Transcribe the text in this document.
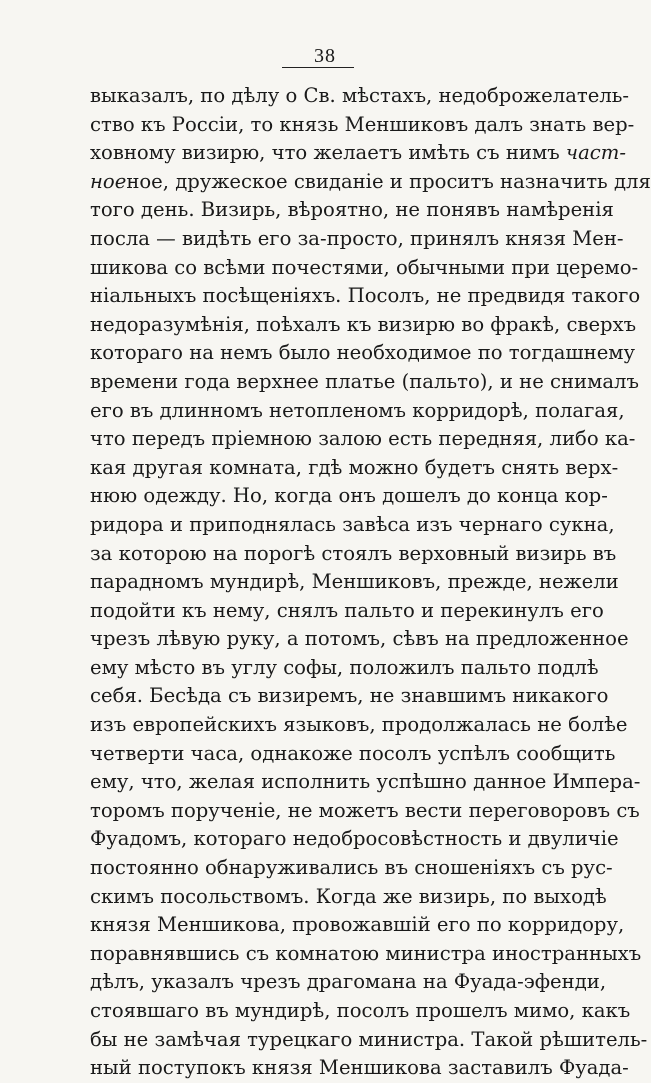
38
выказалъ, по дѣлу о Св. мѣстахъ, недоброжелатель-
ство къ Россіи, то князь Меншиковъ далъ знать вер-
ховному визирю, что желаетъ имѣть съ нимъ част-
ноеное, дружеское свиданіе и проситъ назначить для
того день. Визирь, вѣроятно, не понявъ намѣренія
посла — видѣть его за-просто, принялъ князя Мен-
шикова со всѣми почестями, обычными при церемо-
ніальныхъ посѣщеніяхъ. Посолъ, не предвидя такого
недоразумѣнія, поѣхалъ къ визирю во фракѣ, сверхъ
котораго на немъ было необходимое по тогдашнему
времени года верхнее платье (пальто), и не снималъ
его въ длинномъ нетопленомъ корридорѣ, полагая,
что передъ пріемною залою есть передняя, либо ка-
кая другая комната, гдѣ можно будетъ снять верх-
нюю одежду. Но, когда онъ дошелъ до конца кор-
ридора и приподнялась завѣса изъ чернаго сукна,
за которою на порогѣ стоялъ верховный визирь въ
парадномъ мундирѣ, Меншиковъ, прежде, нежели
подойти къ нему, снялъ пальто и перекинулъ его
чрезъ лѣвую руку, а потомъ, сѣвъ на предложенное
ему мѣсто въ углу софы, положилъ пальто подлѣ
себя. Бесѣда съ визиремъ, не знавшимъ никакого
изъ европейскихъ языковъ, продолжалась не болѣе
четверти часа, однакоже посолъ успѣлъ сообщить
ему, что, желая исполнить успѣшно данное Импера-
торомъ порученіе, не можетъ вести переговоровъ съ
Фуадомъ, котораго недобросовѣстность и двуличіе
постоянно обнаруживались въ сношеніяхъ съ рус-
скимъ посольствомъ. Когда же визирь, по выходѣ
князя Меншикова, провожавшій его по корридору,
поравнявшись съ комнатою министра иностранныхъ
дѣлъ, указалъ чрезъ драгомана на Фуада-эфенди,
стоявшаго въ мундирѣ, посолъ прошелъ мимо, какъ
бы не замѣчая турецкаго министра. Такой рѣшитель-
ный поступокъ князя Меншикова заставилъ Фуада-
